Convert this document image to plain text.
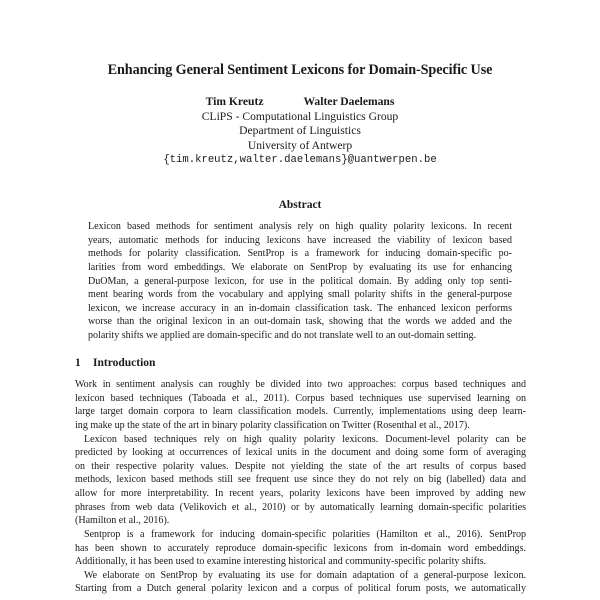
Enhancing General Sentiment Lexicons for Domain-Specific Use
Tim Kreutz	Walter Daelemans
CLiPS - Computational Linguistics Group
Department of Linguistics
University of Antwerp
{tim.kreutz,walter.daelemans}@uantwerpen.be
Abstract
Lexicon based methods for sentiment analysis rely on high quality polarity lexicons. In recent
years, automatic methods for inducing lexicons have increased the viability of lexicon based
methods for polarity classification. SentProp is a framework for inducing domain-specific po-
larities from word embeddings. We elaborate on SentProp by evaluating its use for enhancing
DuOMan, a general-purpose lexicon, for use in the political domain. By adding only top senti-
ment bearing words from the vocabulary and applying small polarity shifts in the general-purpose
lexicon, we increase accuracy in an in-domain classification task. The enhanced lexicon performs
worse than the original lexicon in an out-domain task, showing that the words we added and the
polarity shifts we applied are domain-specific and do not translate well to an out-domain setting.
1 Introduction
Work in sentiment analysis can roughly be divided into two approaches: corpus based techniques and
lexicon based techniques (Taboada et al., 2011). Corpus based techniques use supervised learning on
large target domain corpora to learn classification models. Currently, implementations using deep learn-
ing make up the state of the art in binary polarity classification on Twitter (Rosenthal et al., 2017).
Lexicon based techniques rely on high quality polarity lexicons. Document-level polarity can be
predicted by looking at occurrences of lexical units in the document and doing some form of averaging
on their respective polarity values. Despite not yielding the state of the art results of corpus based
methods, lexicon based methods still see frequent use since they do not rely on big (labelled) data and
allow for more interpretability. In recent years, polarity lexicons have been improved by adding new
phrases from web data (Velikovich et al., 2010) or by automatically learning domain-specific polarities
(Hamilton et al., 2016).
Sentprop is a framework for inducing domain-specific polarities (Hamilton et al., 2016). SentProp
has been shown to accurately reproduce domain-specific lexicons from in-domain word embeddings.
Additionally, it has been used to examine interesting historical and community-specific polarity shifts.
We elaborate on SentProp by evaluating its use for domain adaptation of a general-purpose lexicon.
Starting from a Dutch general polarity lexicon and a corpus of political forum posts, we automatically
